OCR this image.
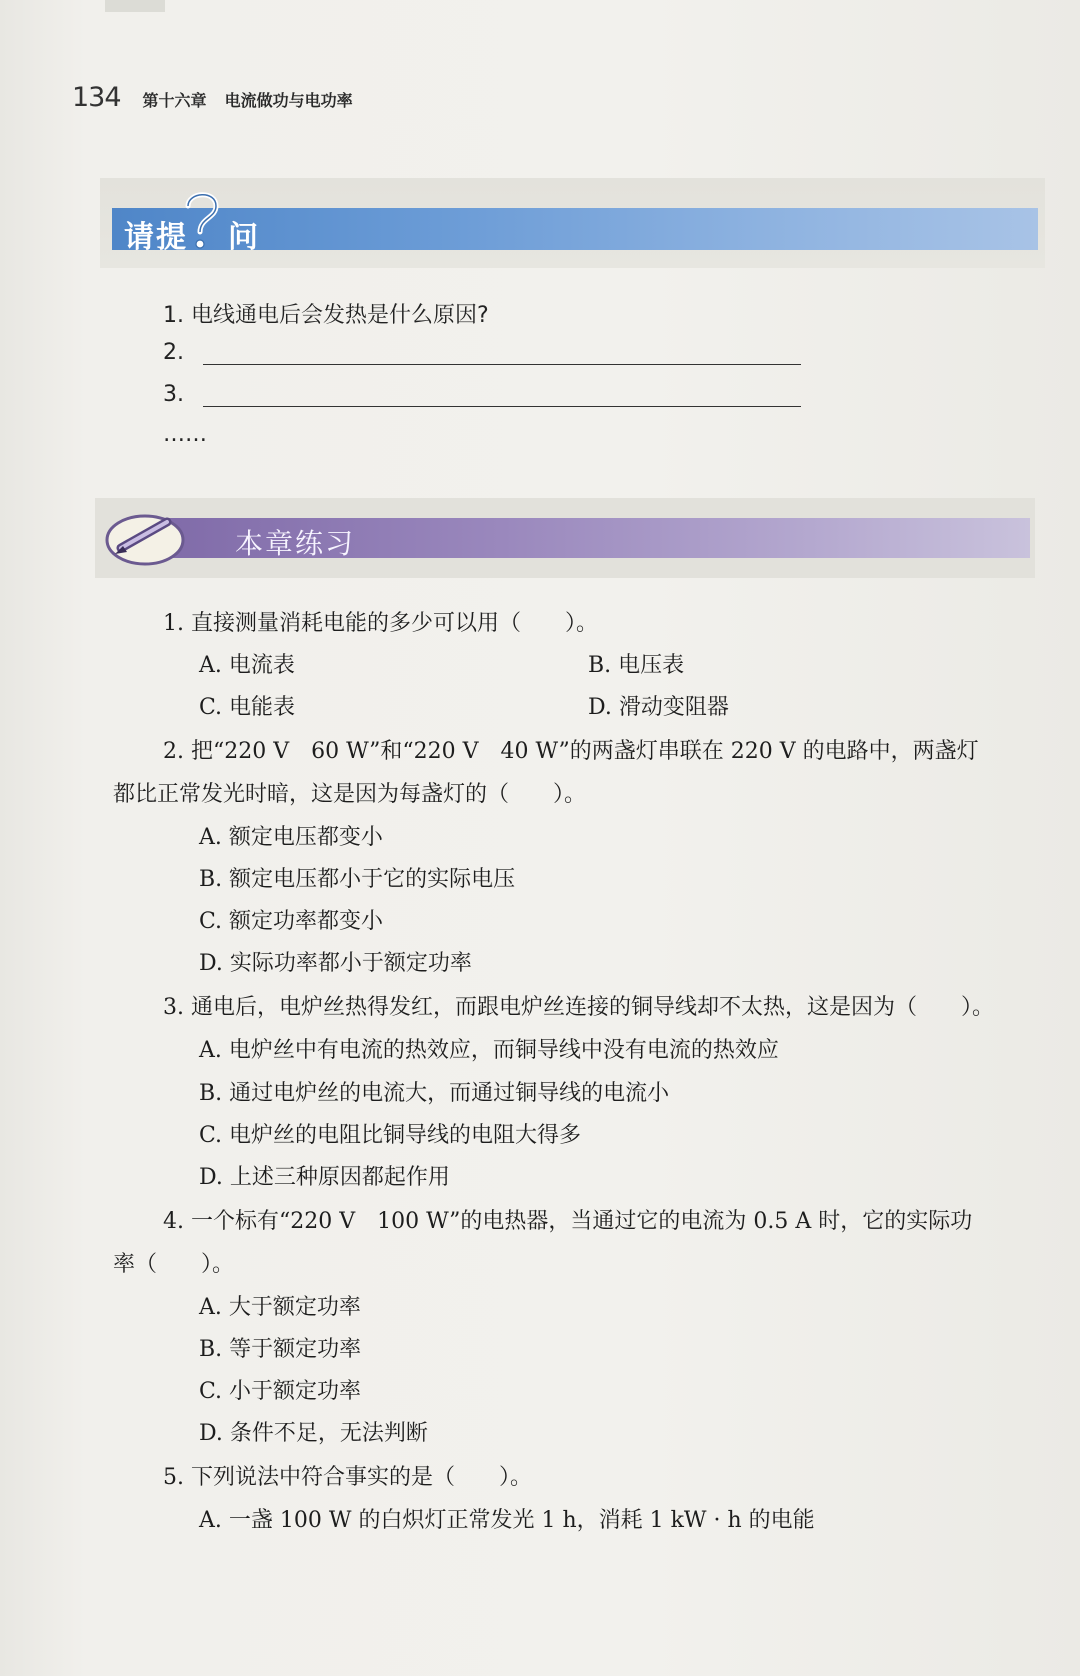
134 第十六章 电流做功与电功率
请提 问
1. 电线通电后会发热是什么原因?
2.
3.
……
本章练习
1. 直接测量消耗电能的多少可以用（　　）。
A. 电流表	B. 电压表
C. 电能表	D. 滑动变阻器
2. 把“220 V　60 W”和“220 V　40 W”的两盏灯串联在 220 V 的电路中，两盏灯
都比正常发光时暗，这是因为每盏灯的（　　）。
A. 额定电压都变小
B. 额定电压都小于它的实际电压
C. 额定功率都变小
D. 实际功率都小于额定功率
3. 通电后，电炉丝热得发红，而跟电炉丝连接的铜导线却不太热，这是因为（　　）。
A. 电炉丝中有电流的热效应，而铜导线中没有电流的热效应
B. 通过电炉丝的电流大，而通过铜导线的电流小
C. 电炉丝的电阻比铜导线的电阻大得多
D. 上述三种原因都起作用
4. 一个标有“220 V　100 W”的电热器，当通过它的电流为 0.5 A 时，它的实际功
率（　　）。
A. 大于额定功率
B. 等于额定功率
C. 小于额定功率
D. 条件不足，无法判断
5. 下列说法中符合事实的是（　　）。
A. 一盏 100 W 的白炽灯正常发光 1 h，消耗 1 kW · h 的电能
